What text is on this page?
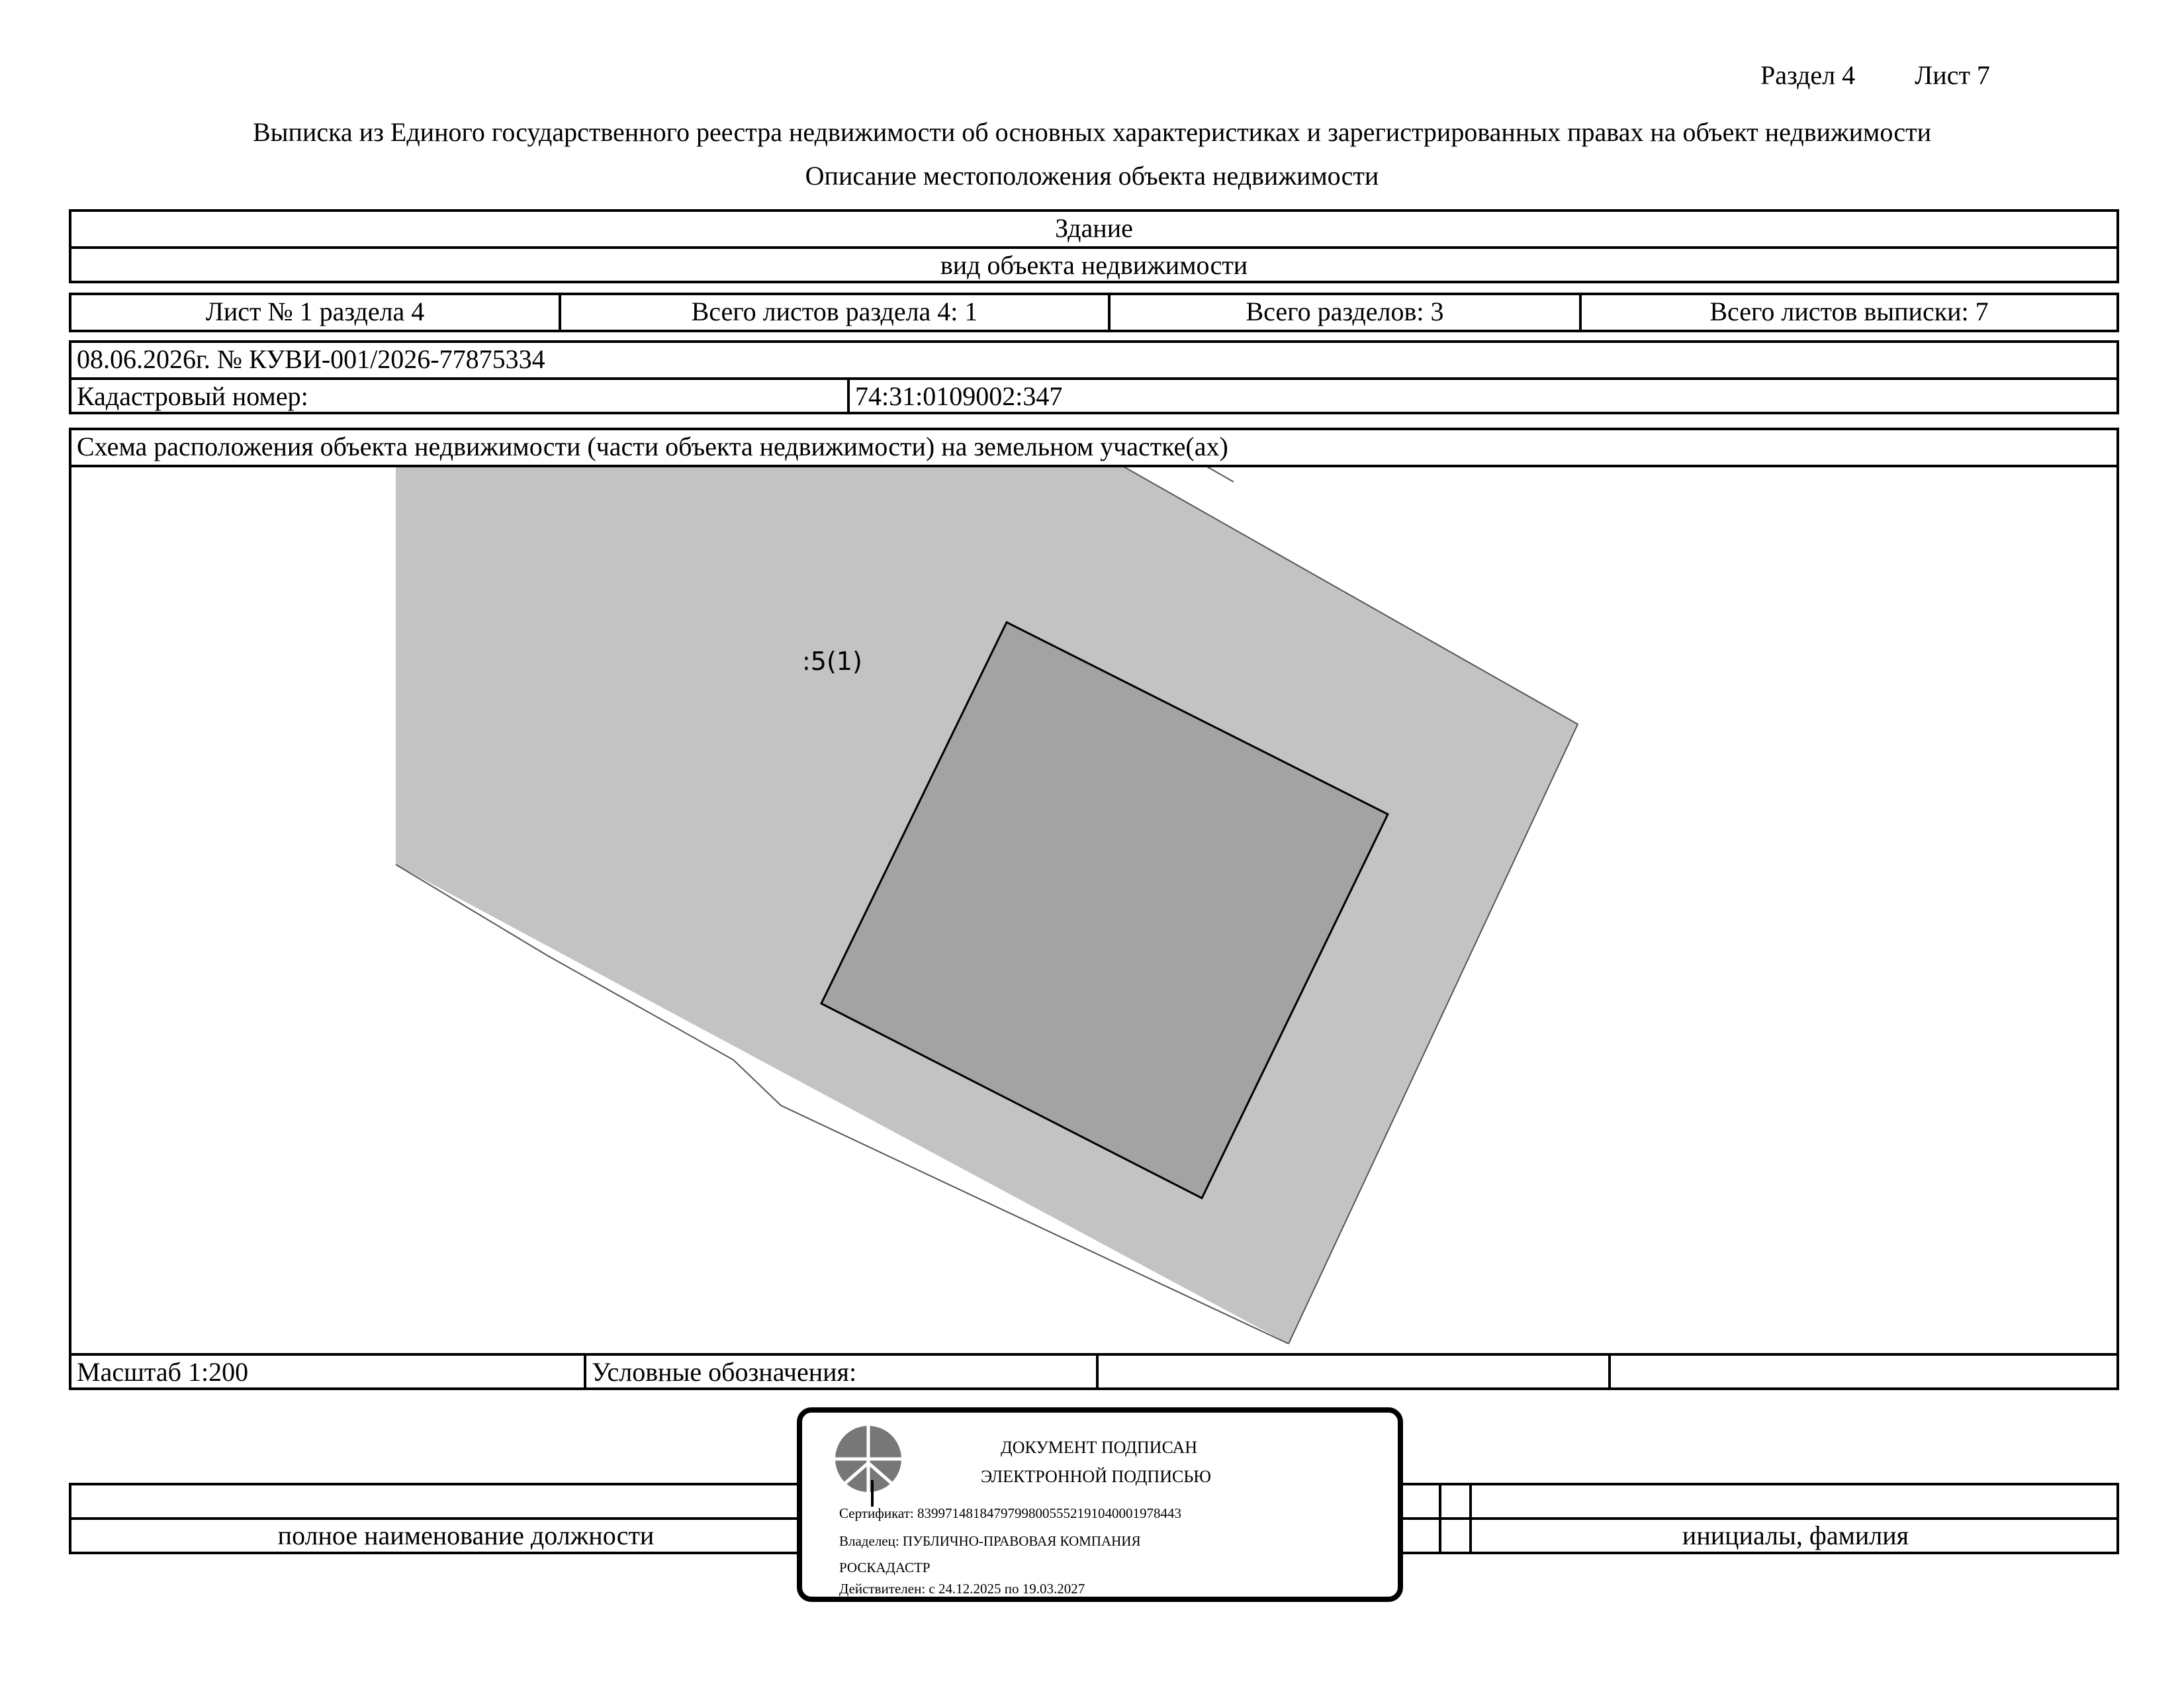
Раздел 4 Лист 7
Выписка из Единого государственного реестра недвижимости об основных характеристиках и зарегистрированных правах на объект недвижимости
Описание местоположения объекта недвижимости
Здание
вид объекта недвижимости
Лист № 1 раздела 4	Всего листов раздела 4: 1	Всего разделов: 3	Всего листов выписки: 7
08.06.2026г. № КУВИ-001/2026-77875334
Кадастровый номер:	74:31:0109002:347
Схема расположения объекта недвижимости (части объекта недвижимости) на земельном участке(ах)
:5(1)
Масштаб 1:200	Условные обозначения:
полное наименование должности	инициалы, фамилия
ДОКУМЕНТ ПОДПИСАН
ЭЛЕКТРОННОЙ ПОДПИСЬЮ
Сертификат: 83997148184797998005552191040001978443
Владелец: ПУБЛИЧНО-ПРАВОВАЯ КОМПАНИЯ
РОСКАДАСТР
Действителен: с 24.12.2025 по 19.03.2027
